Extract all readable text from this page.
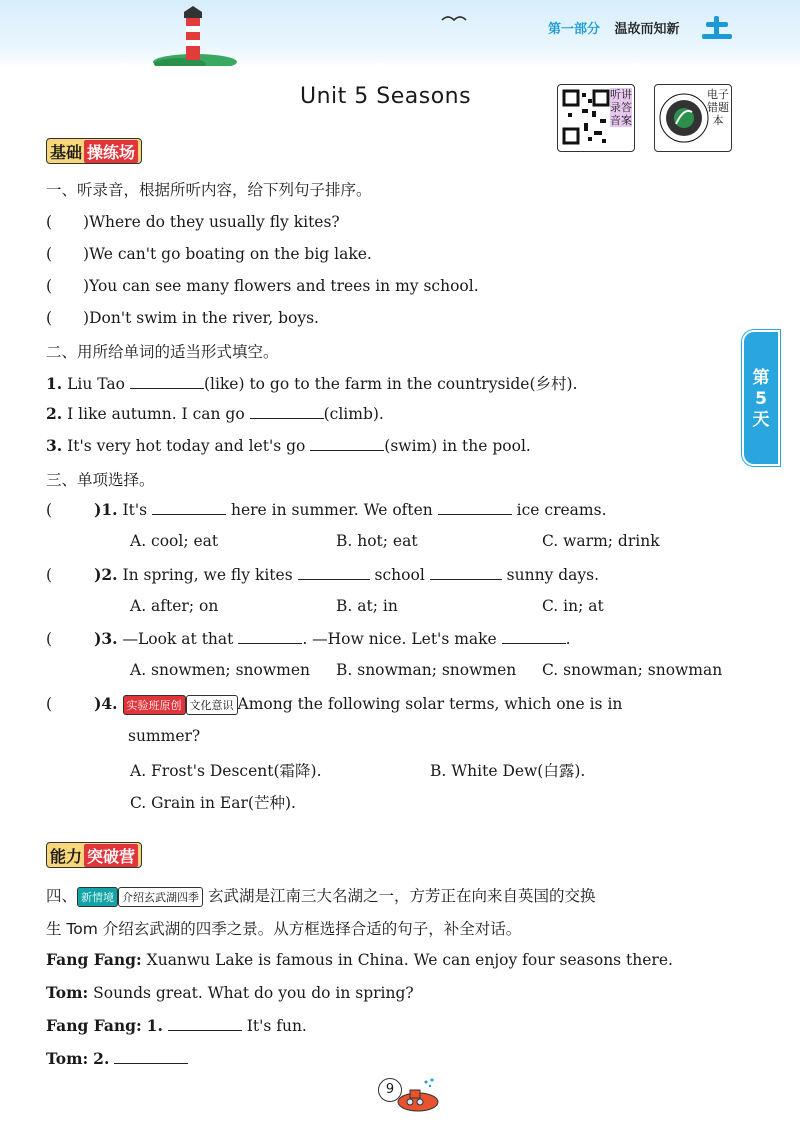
第一部分 温故而知新
Unit 5 Seasons	听讲录答音案
电子错题本
第5天
基础 操练场
一、听录音，根据所听内容，给下列句子排序。
(　　)Where do they usually fly kites?
(　　)We can't go boating on the big lake.
(　　)You can see many flowers and trees in my school.
(　　)Don't swim in the river, boys.
二、用所给单词的适当形式填空。
1. Liu Tao	(like) to go to the farm in the countryside(乡村).
2. I like autumn. I can go	(climb).
3. It's very hot today and let's go	(swim) in the pool.
三、单项选择。
(	)1. It's	here in summer. We often	ice creams.
A. cool; eat	B. hot; eat	C. warm; drink
(	)2. In spring, we fly kites	school	sunny days.
A. after; on	B. at; in	C. in; at
(	)3. —Look at that	. —How nice. Let's make	.
A. snowmen; snowmen B. snowman; snowmen C. snowman; snowman
(	)4. 实验班原创 文化意识 Among the following solar terms, which one is in
summer?
A. Frost's Descent(霜降).	B. White Dew(白露).
C. Grain in Ear(芒种).
能力 突破营
四、 新情境 介绍玄武湖四季 玄武湖是江南三大名湖之一，方芳正在向来自英国的交换
生 Tom 介绍玄武湖的四季之景。从方框选择合适的句子，补全对话。
Fang Fang: Xuanwu Lake is famous in China. We can enjoy four seasons there.
Tom: Sounds great. What do you do in spring?
Fang Fang: 1.	It's fun.
Tom: 2.
9
